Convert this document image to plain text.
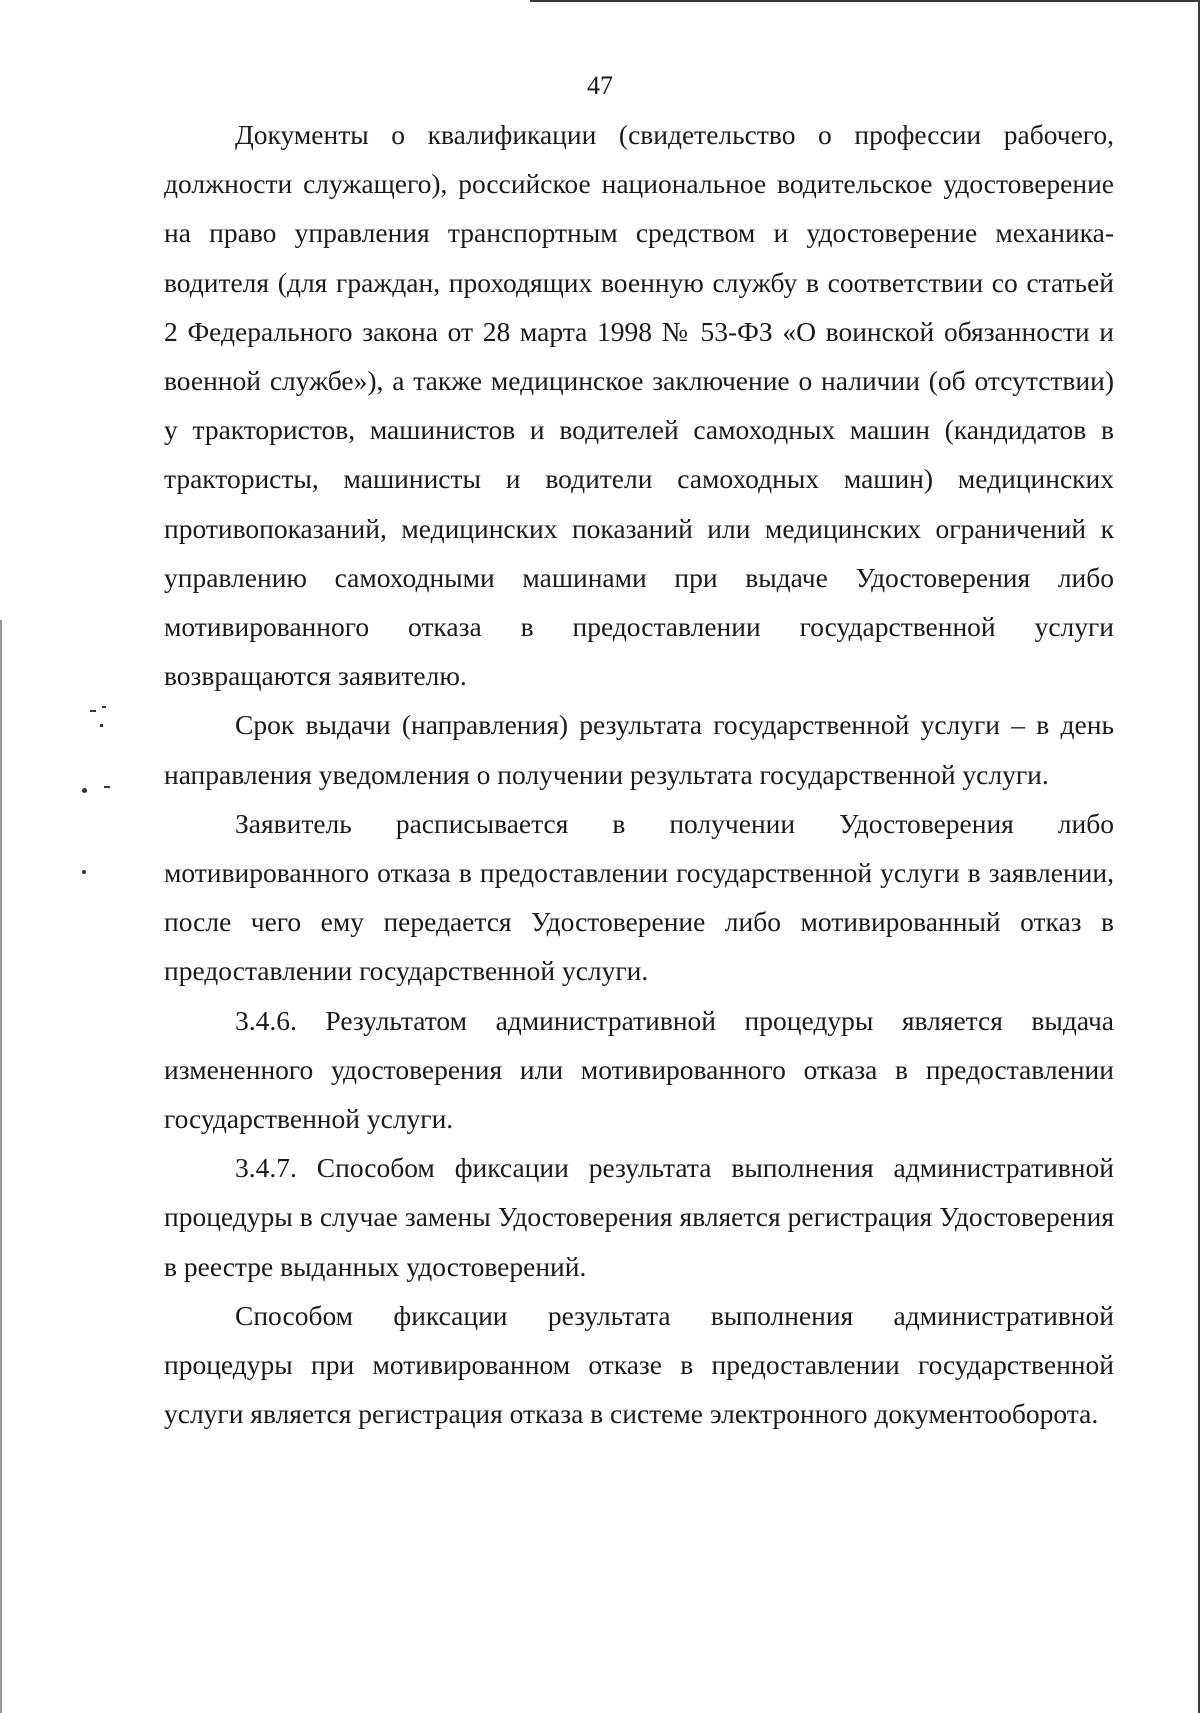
47

Документы о квалификации (свидетельство о профессии рабочего, должности служащего), российское национальное водительское удостоверение на право управления транспортным средством и удостоверение механика-водителя (для граждан, проходящих военную службу в соответствии со статьей 2 Федерального закона от 28 марта 1998 № 53-ФЗ «О воинской обязанности и военной службе»), а также медицинское заключение о наличии (об отсутствии) у трактористов, машинистов и водителей самоходных машин (кандидатов в трактористы, машинисты и водители самоходных машин) медицинских противопоказаний, медицинских показаний или медицинских ограничений к управлению самоходными машинами при выдаче Удостоверения либо мотивированного отказа в предоставлении государственной услуги возвращаются заявителю.

Срок выдачи (направления) результата государственной услуги – в день направления уведомления о получении результата государственной услуги.

Заявитель расписывается в получении Удостоверения либо мотивированного отказа в предоставлении государственной услуги в заявлении, после чего ему передается Удостоверение либо мотивированный отказ в предоставлении государственной услуги.

3.4.6. Результатом административной процедуры является выдача измененного удостоверения или мотивированного отказа в предоставлении государственной услуги.

3.4.7. Способом фиксации результата выполнения административной процедуры в случае замены Удостоверения является регистрация Удостоверения в реестре выданных удостоверений.

Способом фиксации результата выполнения административной процедуры при мотивированном отказе в предоставлении государственной услуги является регистрация отказа в системе электронного документооборота.
